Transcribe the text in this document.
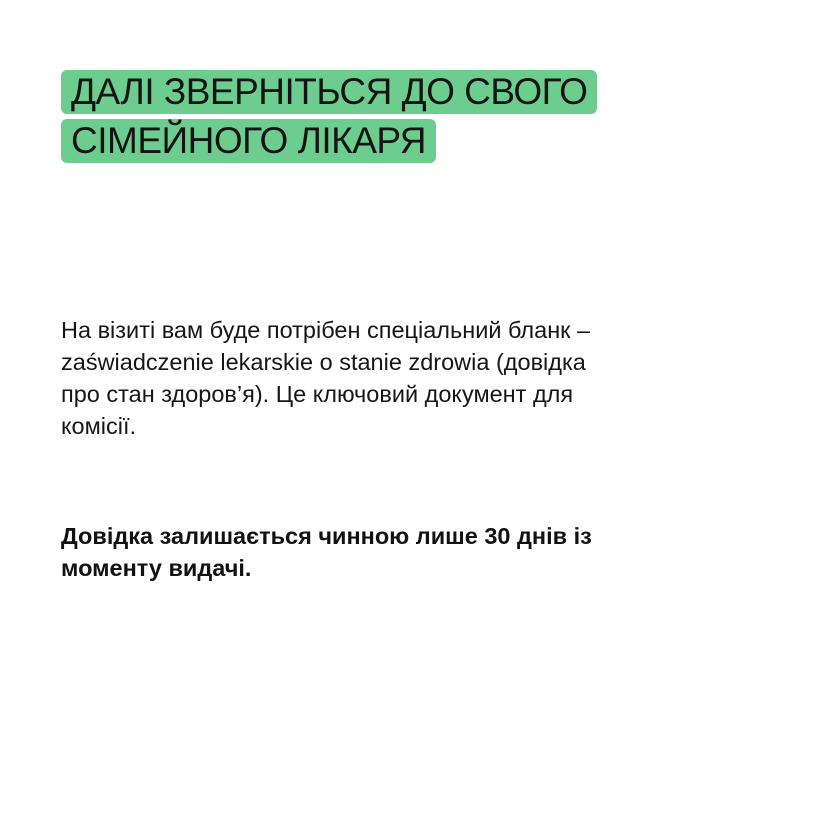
ДАЛІ ЗВЕРНІТЬСЯ ДО СВОГО
СІМЕЙНОГО ЛІКАРЯ
На візиті вам буде потрібен спеціальний бланк –
zaświadczenie lekarskie o stanie zdrowia (довідка
про стан здоров’я). Це ключовий документ для
комісії.
Довідка залишається чинною лише 30 днів із
моменту видачі.
